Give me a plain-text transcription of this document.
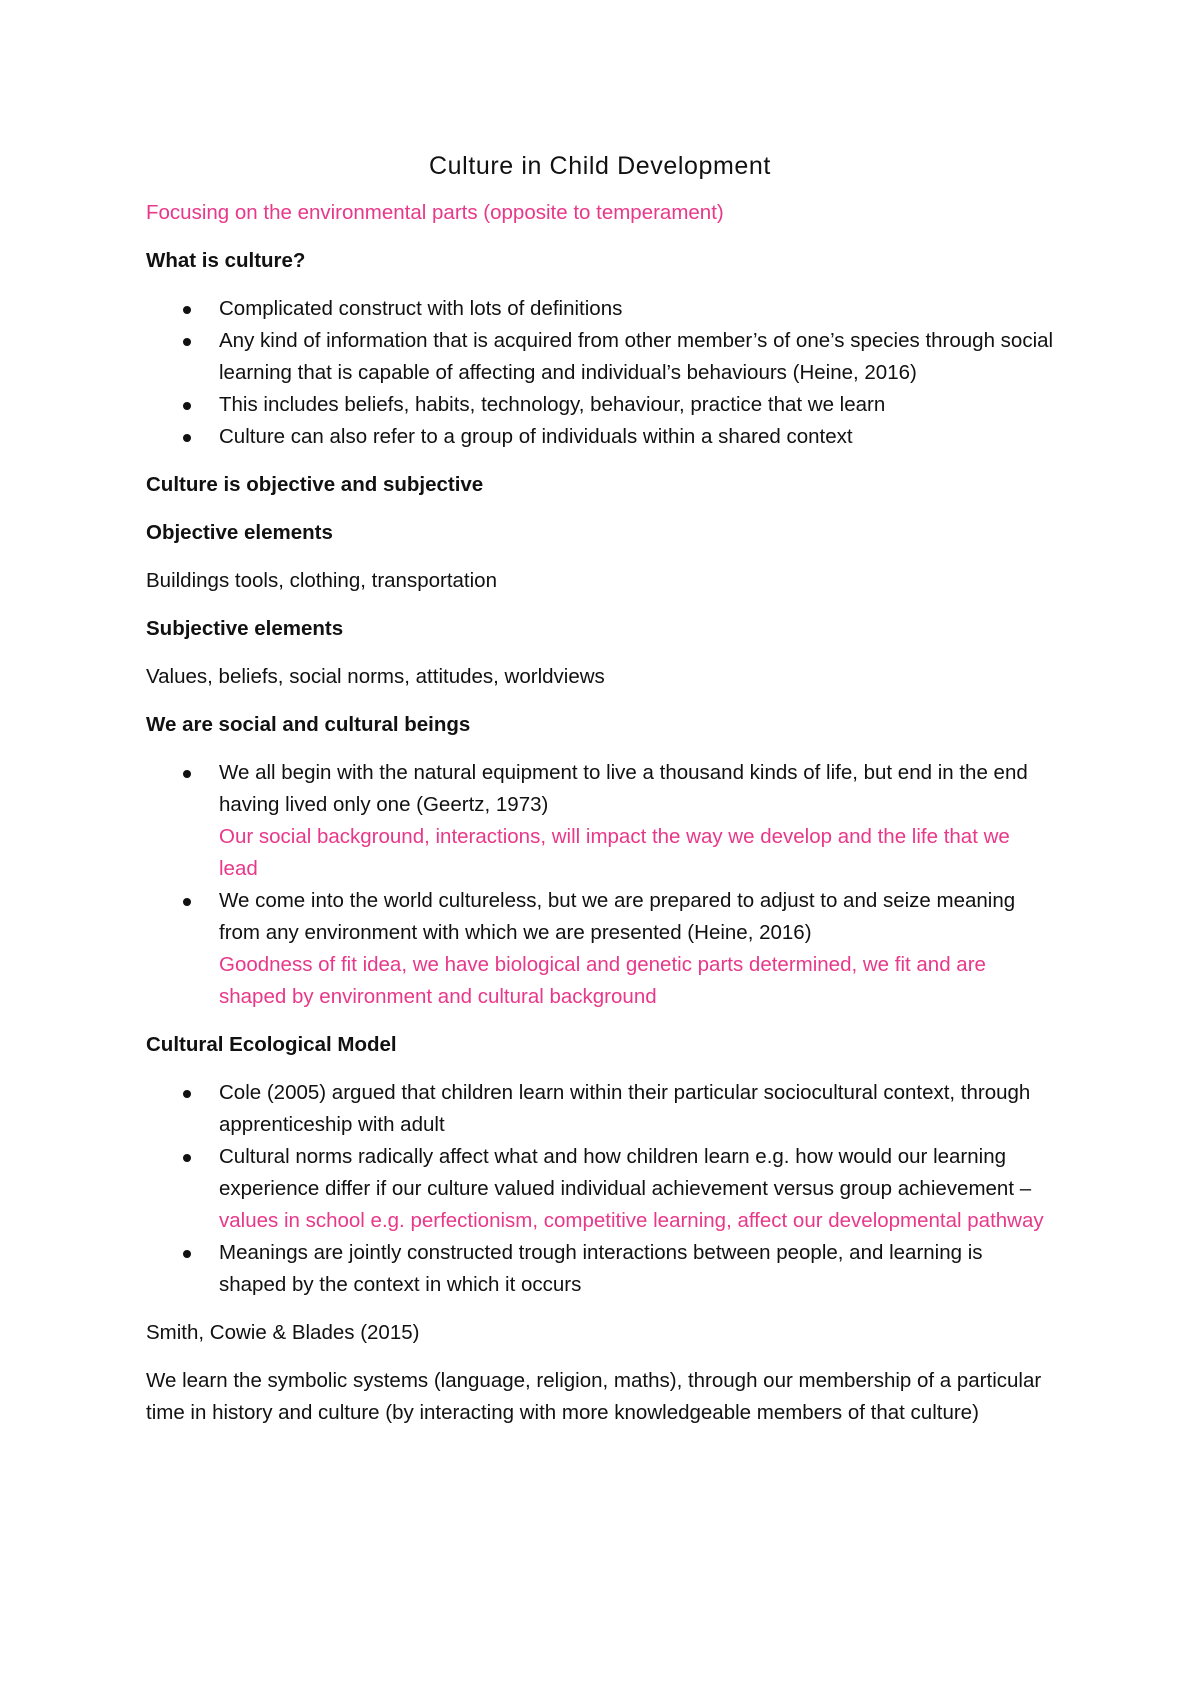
Culture in Child Development

Focusing on the environmental parts (opposite to temperament)

What is culture?

Complicated construct with lots of definitions
Any kind of information that is acquired from other member’s of one’s species through social learning that is capable of affecting and individual’s behaviours (Heine, 2016)
This includes beliefs, habits, technology, behaviour, practice that we learn
Culture can also refer to a group of individuals within a shared context

Culture is objective and subjective

Objective elements

Buildings tools, clothing, transportation

Subjective elements

Values, beliefs, social norms, attitudes, worldviews

We are social and cultural beings

We all begin with the natural equipment to live a thousand kinds of life, but end in the end having lived only one (Geertz, 1973)
Our social background, interactions, will impact the way we develop and the life that we lead
We come into the world cultureless, but we are prepared to adjust to and seize meaning from any environment with which we are presented (Heine, 2016)
Goodness of fit idea, we have biological and genetic parts determined, we fit and are shaped by environment and cultural background

Cultural Ecological Model

Cole (2005) argued that children learn within their particular sociocultural context, through apprenticeship with adult
Cultural norms radically affect what and how children learn e.g. how would our learning experience differ if our culture valued individual achievement versus group achievement – values in school e.g. perfectionism, competitive learning, affect our developmental pathway
Meanings are jointly constructed trough interactions between people, and learning is shaped by the context in which it occurs

Smith, Cowie & Blades (2015)

We learn the symbolic systems (language, religion, maths), through our membership of a particular time in history and culture (by interacting with more knowledgeable members of that culture)
